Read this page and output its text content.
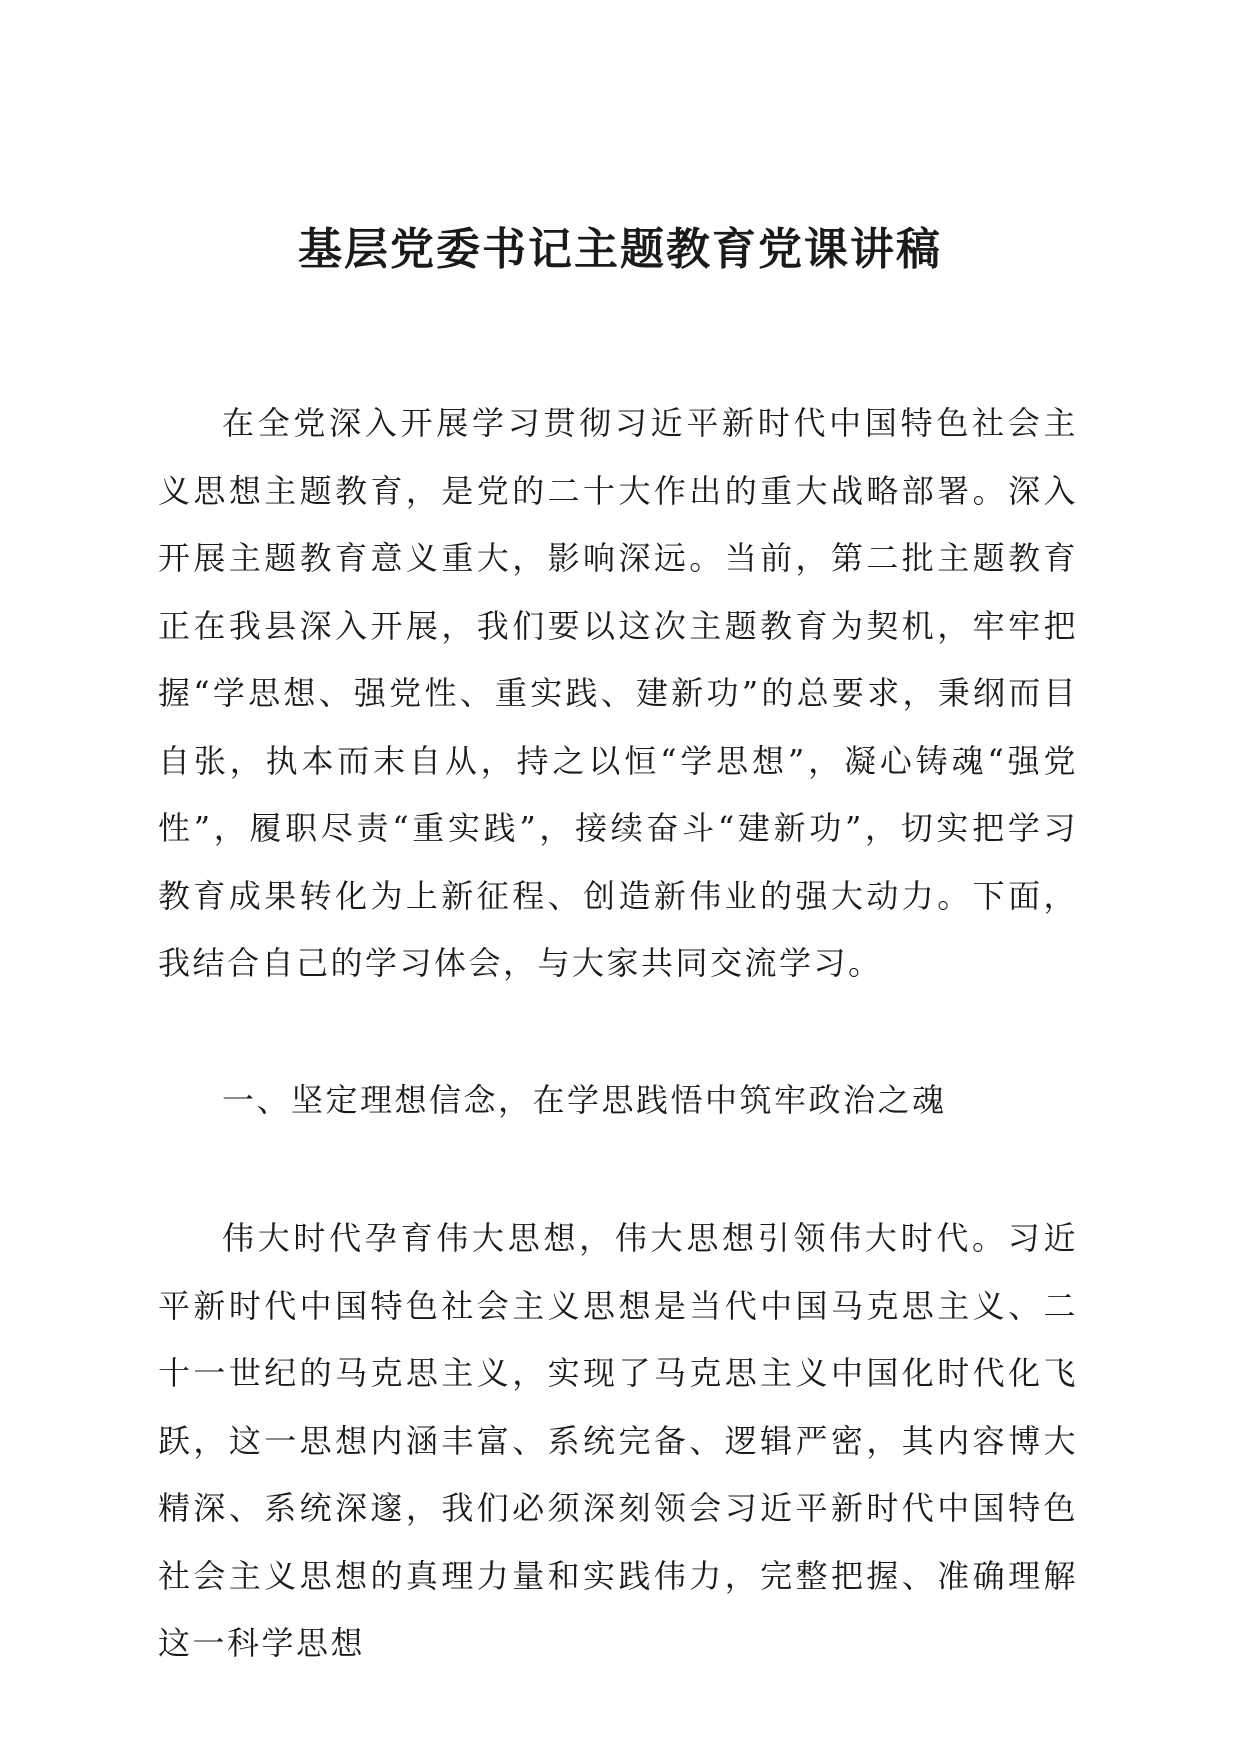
基层党委书记主题教育党课讲稿

在全党深入开展学习贯彻习近平新时代中国特色社会主义思想主题教育，是党的二十大作出的重大战略部署。深入开展主题教育意义重大，影响深远。当前，第二批主题教育正在我县深入开展，我们要以这次主题教育为契机，牢牢把握“学思想、强党性、重实践、建新功”的总要求，秉纲而目自张，执本而末自从，持之以恒“学思想”，凝心铸魂“强党性”，履职尽责“重实践”，接续奋斗“建新功”，切实把学习教育成果转化为上新征程、创造新伟业的强大动力。下面，我结合自己的学习体会，与大家共同交流学习。

一、坚定理想信念，在学思践悟中筑牢政治之魂

伟大时代孕育伟大思想，伟大思想引领伟大时代。习近平新时代中国特色社会主义思想是当代中国马克思主义、二十一世纪的马克思主义，实现了马克思主义中国化时代化飞跃，这一思想内涵丰富、系统完备、逻辑严密，其内容博大精深、系统深邃，我们必须深刻领会习近平新时代中国特色社会主义思想的真理力量和实践伟力，完整把握、准确理解这一科学思想
